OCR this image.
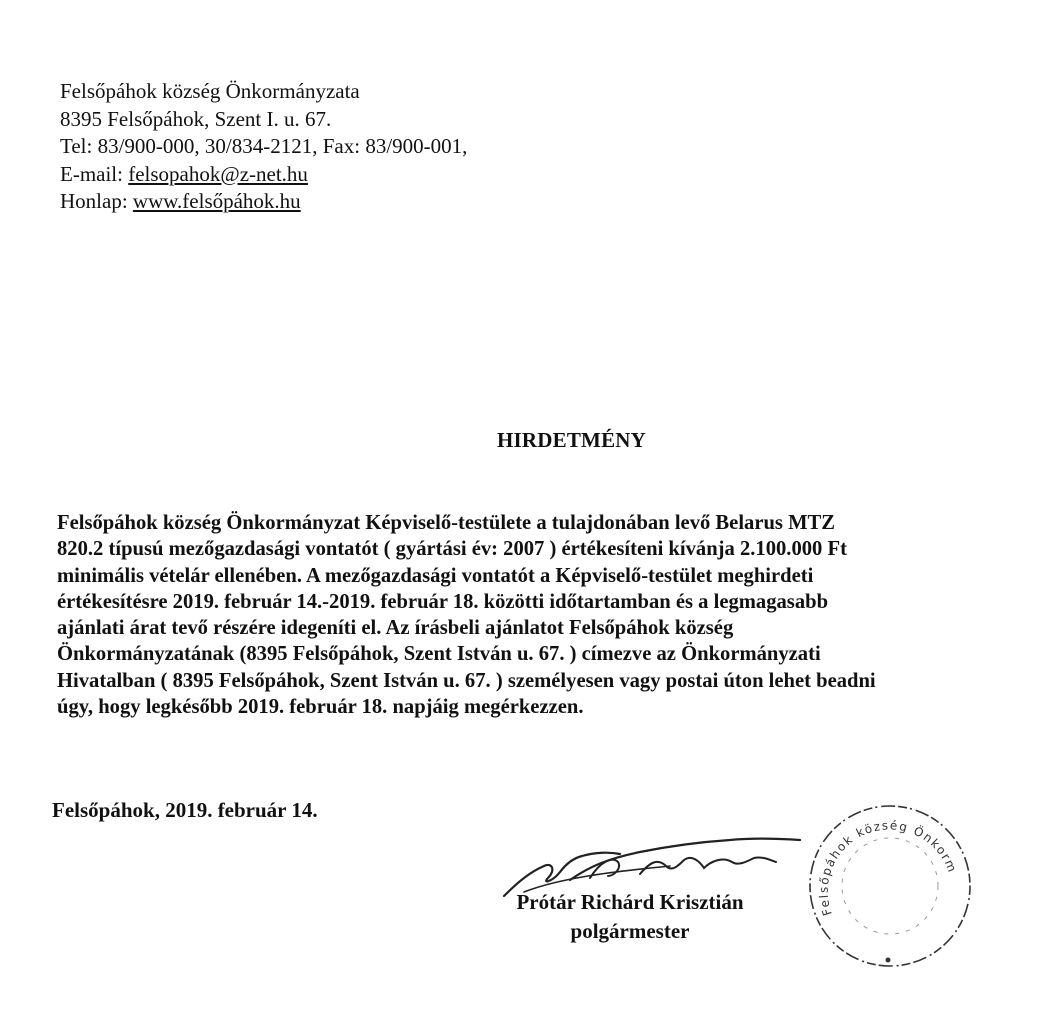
Felsőpáhok község Önkormányzata
8395 Felsőpáhok, Szent I. u. 67.
Tel: 83/900-000, 30/834-2121, Fax: 83/900-001,
E-mail: felsopahok@z-net.hu
Honlap: www.felsőpáhok.hu
HIRDETMÉNY
Felsőpáhok község Önkormányzat Képviselő-testülete a tulajdonában levő Belarus MTZ
820.2 típusú mezőgazdasági vontatót ( gyártási év: 2007 ) értékesíteni kívánja 2.100.000 Ft
minimális vételár ellenében. A mezőgazdasági vontatót a Képviselő-testület meghirdeti
értékesítésre 2019. február 14.-2019. február 18. közötti időtartamban és a legmagasabb
ajánlati árat tevő részére idegeníti el. Az írásbeli ajánlatot Felsőpáhok község
Önkormányzatának (8395 Felsőpáhok, Szent István u. 67. ) címezve az Önkormányzati
Hivatalban ( 8395 Felsőpáhok, Szent István u. 67. ) személyesen vagy postai úton lehet beadni
úgy, hogy legkésőbb 2019. február 18. napjáig megérkezzen.
Felsőpáhok, 2019. február 14.
Prótár Richárd Krisztián
polgármester
Felsőpáhok község Önkorm
